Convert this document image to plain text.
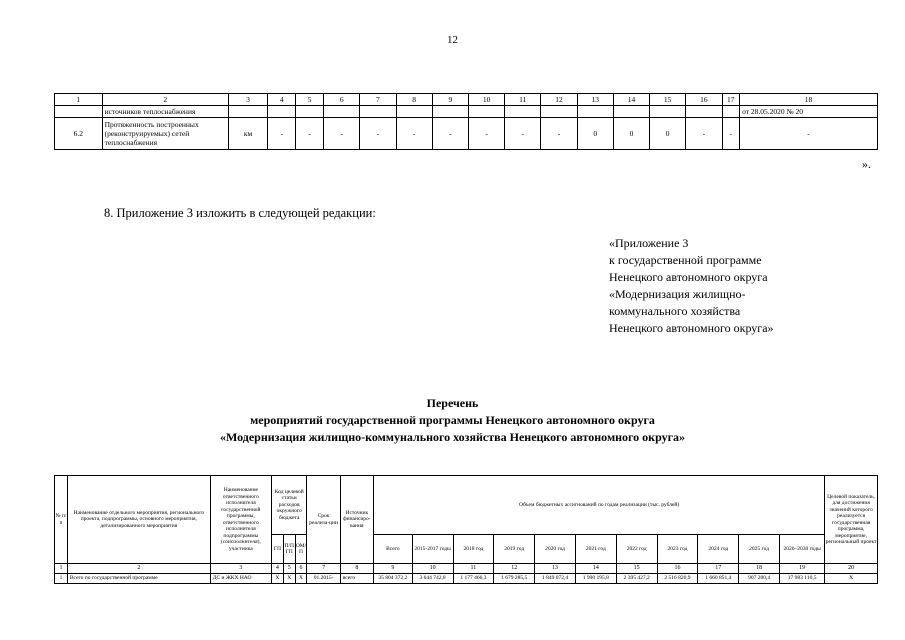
12
1	2	3	4	5	6	7	8	9	10	11	12	13	14	15	16	17	18
	источников теплоснабжения																от 28.05.2020 № 20
6.2	Протяженность построенных (реконструируемых) сетей теплоснабжения	км	-	-	-	-	-	-	-	-	-	0	0	0	-	-	-
».
8. Приложение 3 изложить в следующей редакции:
«Приложение 3
к государственной программе
Ненецкого автономного округа
«Модернизация жилищно-
коммунального хозяйства
Ненецкого автономного округа»
Перечень
мероприятий государственной программы Ненецкого автономного округа
«Модернизация жилищно-коммунального хозяйства Ненецкого автономного округа»
№ п/п	Наименование отдельного мероприятия, регионального проекта, подпрограммы, основного мероприятия, детализированного мероприятия	Наименование ответственного исполнителя государственной программы, ответственного исполнителя подпрограммы (соисполнителя), участника	Код целевой статьи расходов окружного бюджета			Срок реализа-ции	Источник финансиро-вания	Объем бюджетных ассигнований по годам реализации (тыс. рублей)											Целевой показатель, для достижения значений которого реализуется государственная программа, мероприятие, региональный проект
			ГП	П/П ГП	ОМ/ П			Всего	2015-2017 годы	2018 год	2019 год	2020 год	2021 год	2022 год	2023 год	2024 год	2025 год	2026–2030 годы	
1	2	3	4	5	6	7	8	9	10	11	12	13	14	15	16	17	18	19	20
1	Всего по государственной программе	ДС и ЖКХ НАО	Х	Х	Х	01.2015-	всего	35 804 372,2	3 644 742,8	1 177 466,3	1 679 285,5	1 849 072,4	1 990 195,8	2 395 427,2	2 516 820,9	1 660 851,4	907 200,4	17 983 110,5	Х
